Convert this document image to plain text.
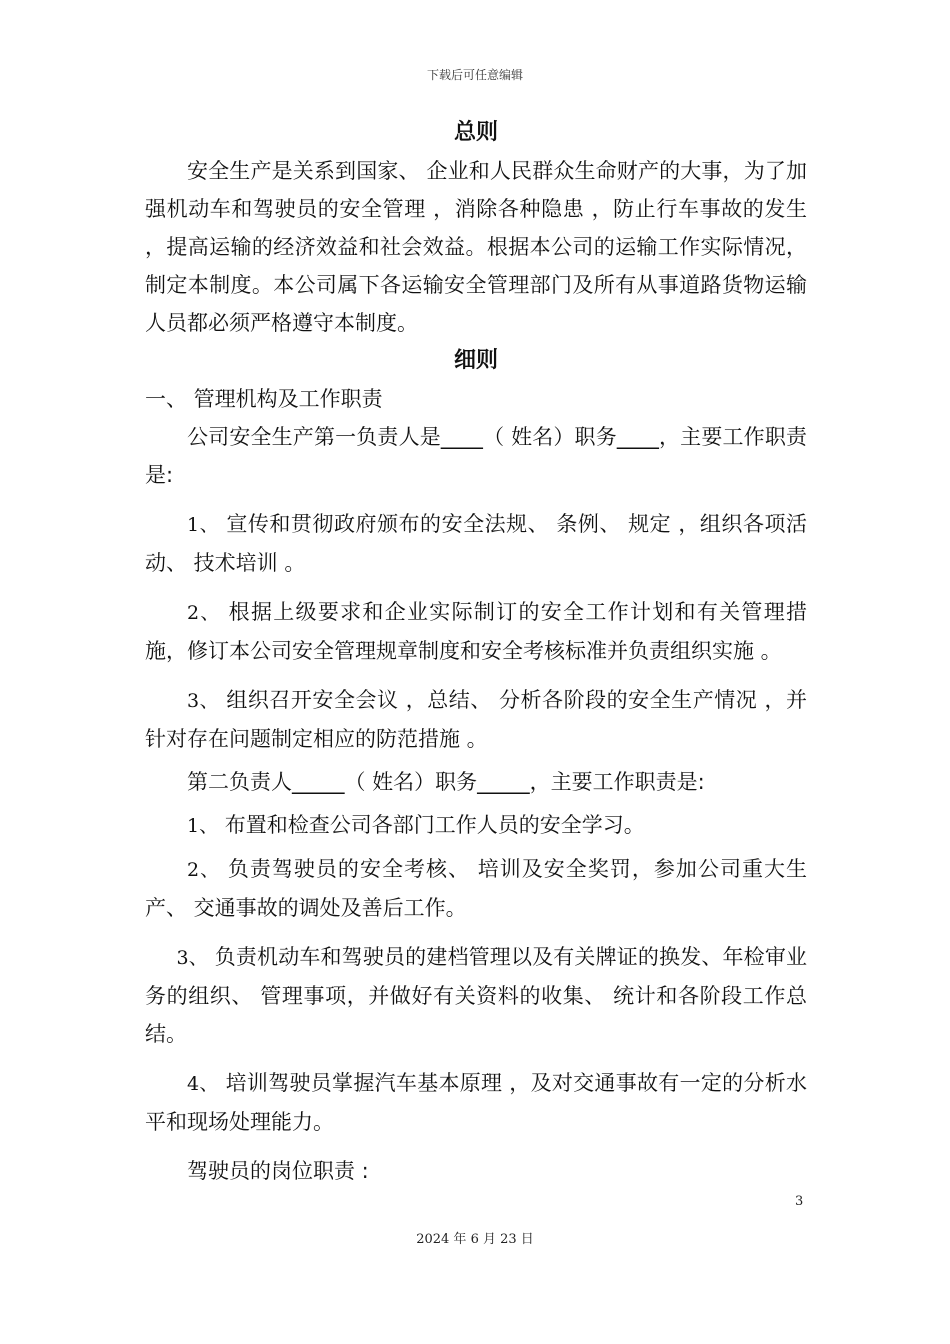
下载后可任意编辑

总则

安全生产是关系到国家、 企业和人民群众生命财产的大事，为了加强机动车和驾驶员的安全管理 ，消除各种隐患 ，防止行车事故的发生 ，提高运输的经济效益和社会效益。根据本公司的运输工作实际情况，制定本制度。本公司属下各运输安全管理部门及所有从事道路货物运输人员都必须严格遵守本制度。

细则

一、 管理机构及工作职责

公司安全生产第一负责人是____（ 姓名）职务____，主要工作职责是:

1、 宣传和贯彻政府颁布的安全法规、 条例、 规定 ，组织各项活动、 技术培训 。

2、 根据上级要求和企业实际制订的安全工作计划和有关管理措施，修订本公司安全管理规章制度和安全考核标准并负责组织实施 。

3、 组织召开安全会议 ，总结、 分析各阶段的安全生产情况 ，并针对存在问题制定相应的防范措施 。

第二负责人_____（ 姓名）职务_____，主要工作职责是:

1、 布置和检查公司各部门工作人员的安全学习。

2、 负责驾驶员的安全考核、 培训及安全奖罚，参加公司重大生产、 交通事故的调处及善后工作。

3、 负责机动车和驾驶员的建档管理以及有关牌证的换发、年检审业务的组织、 管理事项，并做好有关资料的收集、 统计和各阶段工作总结。

4、 培训驾驶员掌握汽车基本原理 ，及对交通事故有一定的分析水平和现场处理能力。

驾驶员的岗位职责 :

3
2024 年 6 月 23 日
